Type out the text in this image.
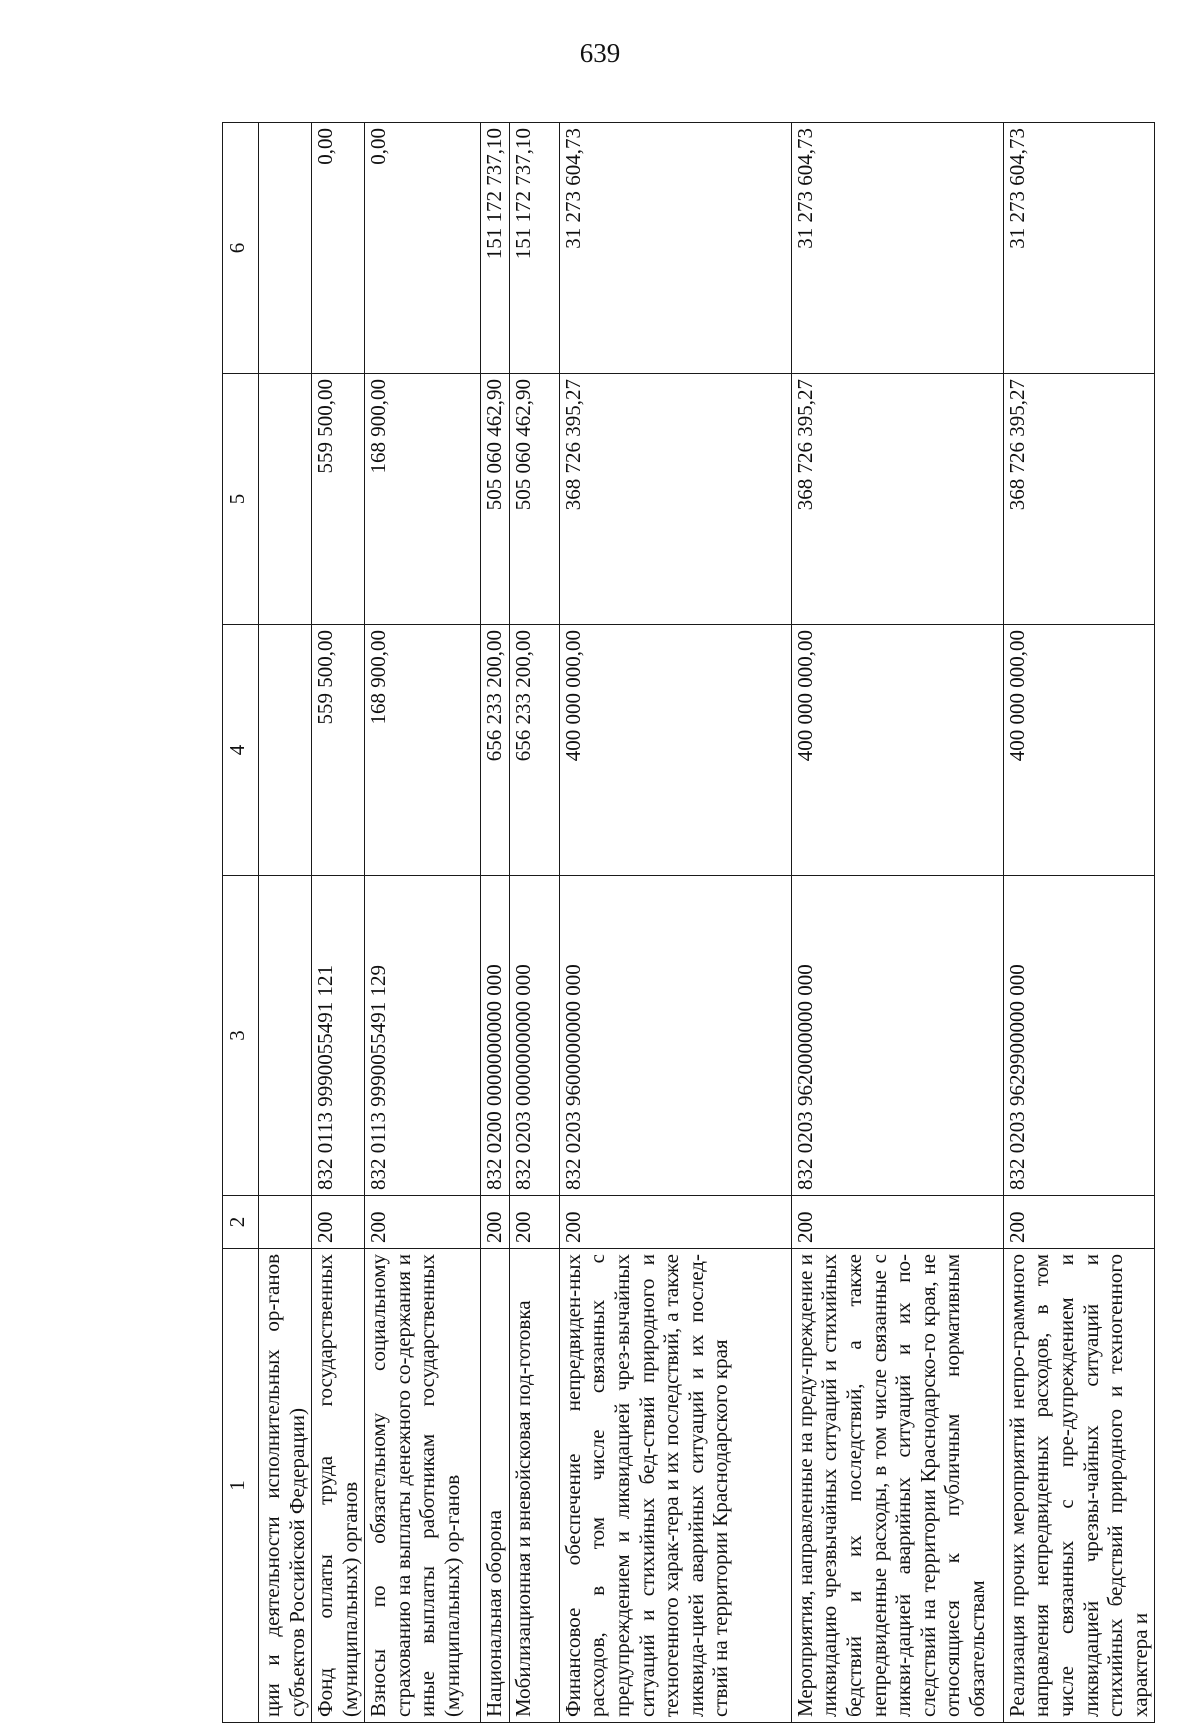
639
1	2	3	4	5	6
ции и деятельности исполнительных ор-ганов субъектов Российской Федерации)					
Фонд оплаты труда государственных (муниципальных) органов	200	832 0113 9990055491 121	559 500,00	559 500,00	0,00
Взносы по обязательному социальному страхованию на выплаты денежного со-держания и иные выплаты работникам государственных (муниципальных) ор-ганов	200	832 0113 9990055491 129	168 900,00	168 900,00	0,00
Национальная оборона	200	832 0200 0000000000 000	656 233 200,00	505 060 462,90	151 172 737,10
Мобилизационная и вневойсковая под-готовка	200	832 0203 0000000000 000	656 233 200,00	505 060 462,90	151 172 737,10
Финансовое обеспечение непредвиден-ных расходов, в том числе связанных с предупреждением и ликвидацией чрез-вычайных ситуаций и стихийных бед-ствий природного и техногенного харак-тера и их последствий, а также ликвида-цией аварийных ситуаций и их послед-ствий на территории Краснодарского края	200	832 0203 9600000000 000	400 000 000,00	368 726 395,27	31 273 604,73
Мероприятия, направленные на преду-преждение и ликвидацию чрезвычайных ситуаций и стихийных бедствий и их последствий, а также непредвиденные расходы, в том числе связанные с ликви-дацией аварийных ситуаций и их по-следствий на территории Краснодарско-го края, не относящиеся к публичным нормативным обязательствам	200	832 0203 9620000000 000	400 000 000,00	368 726 395,27	31 273 604,73
Реализация прочих мероприятий непро-граммного направления непредвиденных расходов, в том числе связанных с пре-дупреждением и ликвидацией чрезвы-чайных ситуаций и стихийных бедствий природного и техногенного характера и	200	832 0203 9629900000 000	400 000 000,00	368 726 395,27	31 273 604,73
